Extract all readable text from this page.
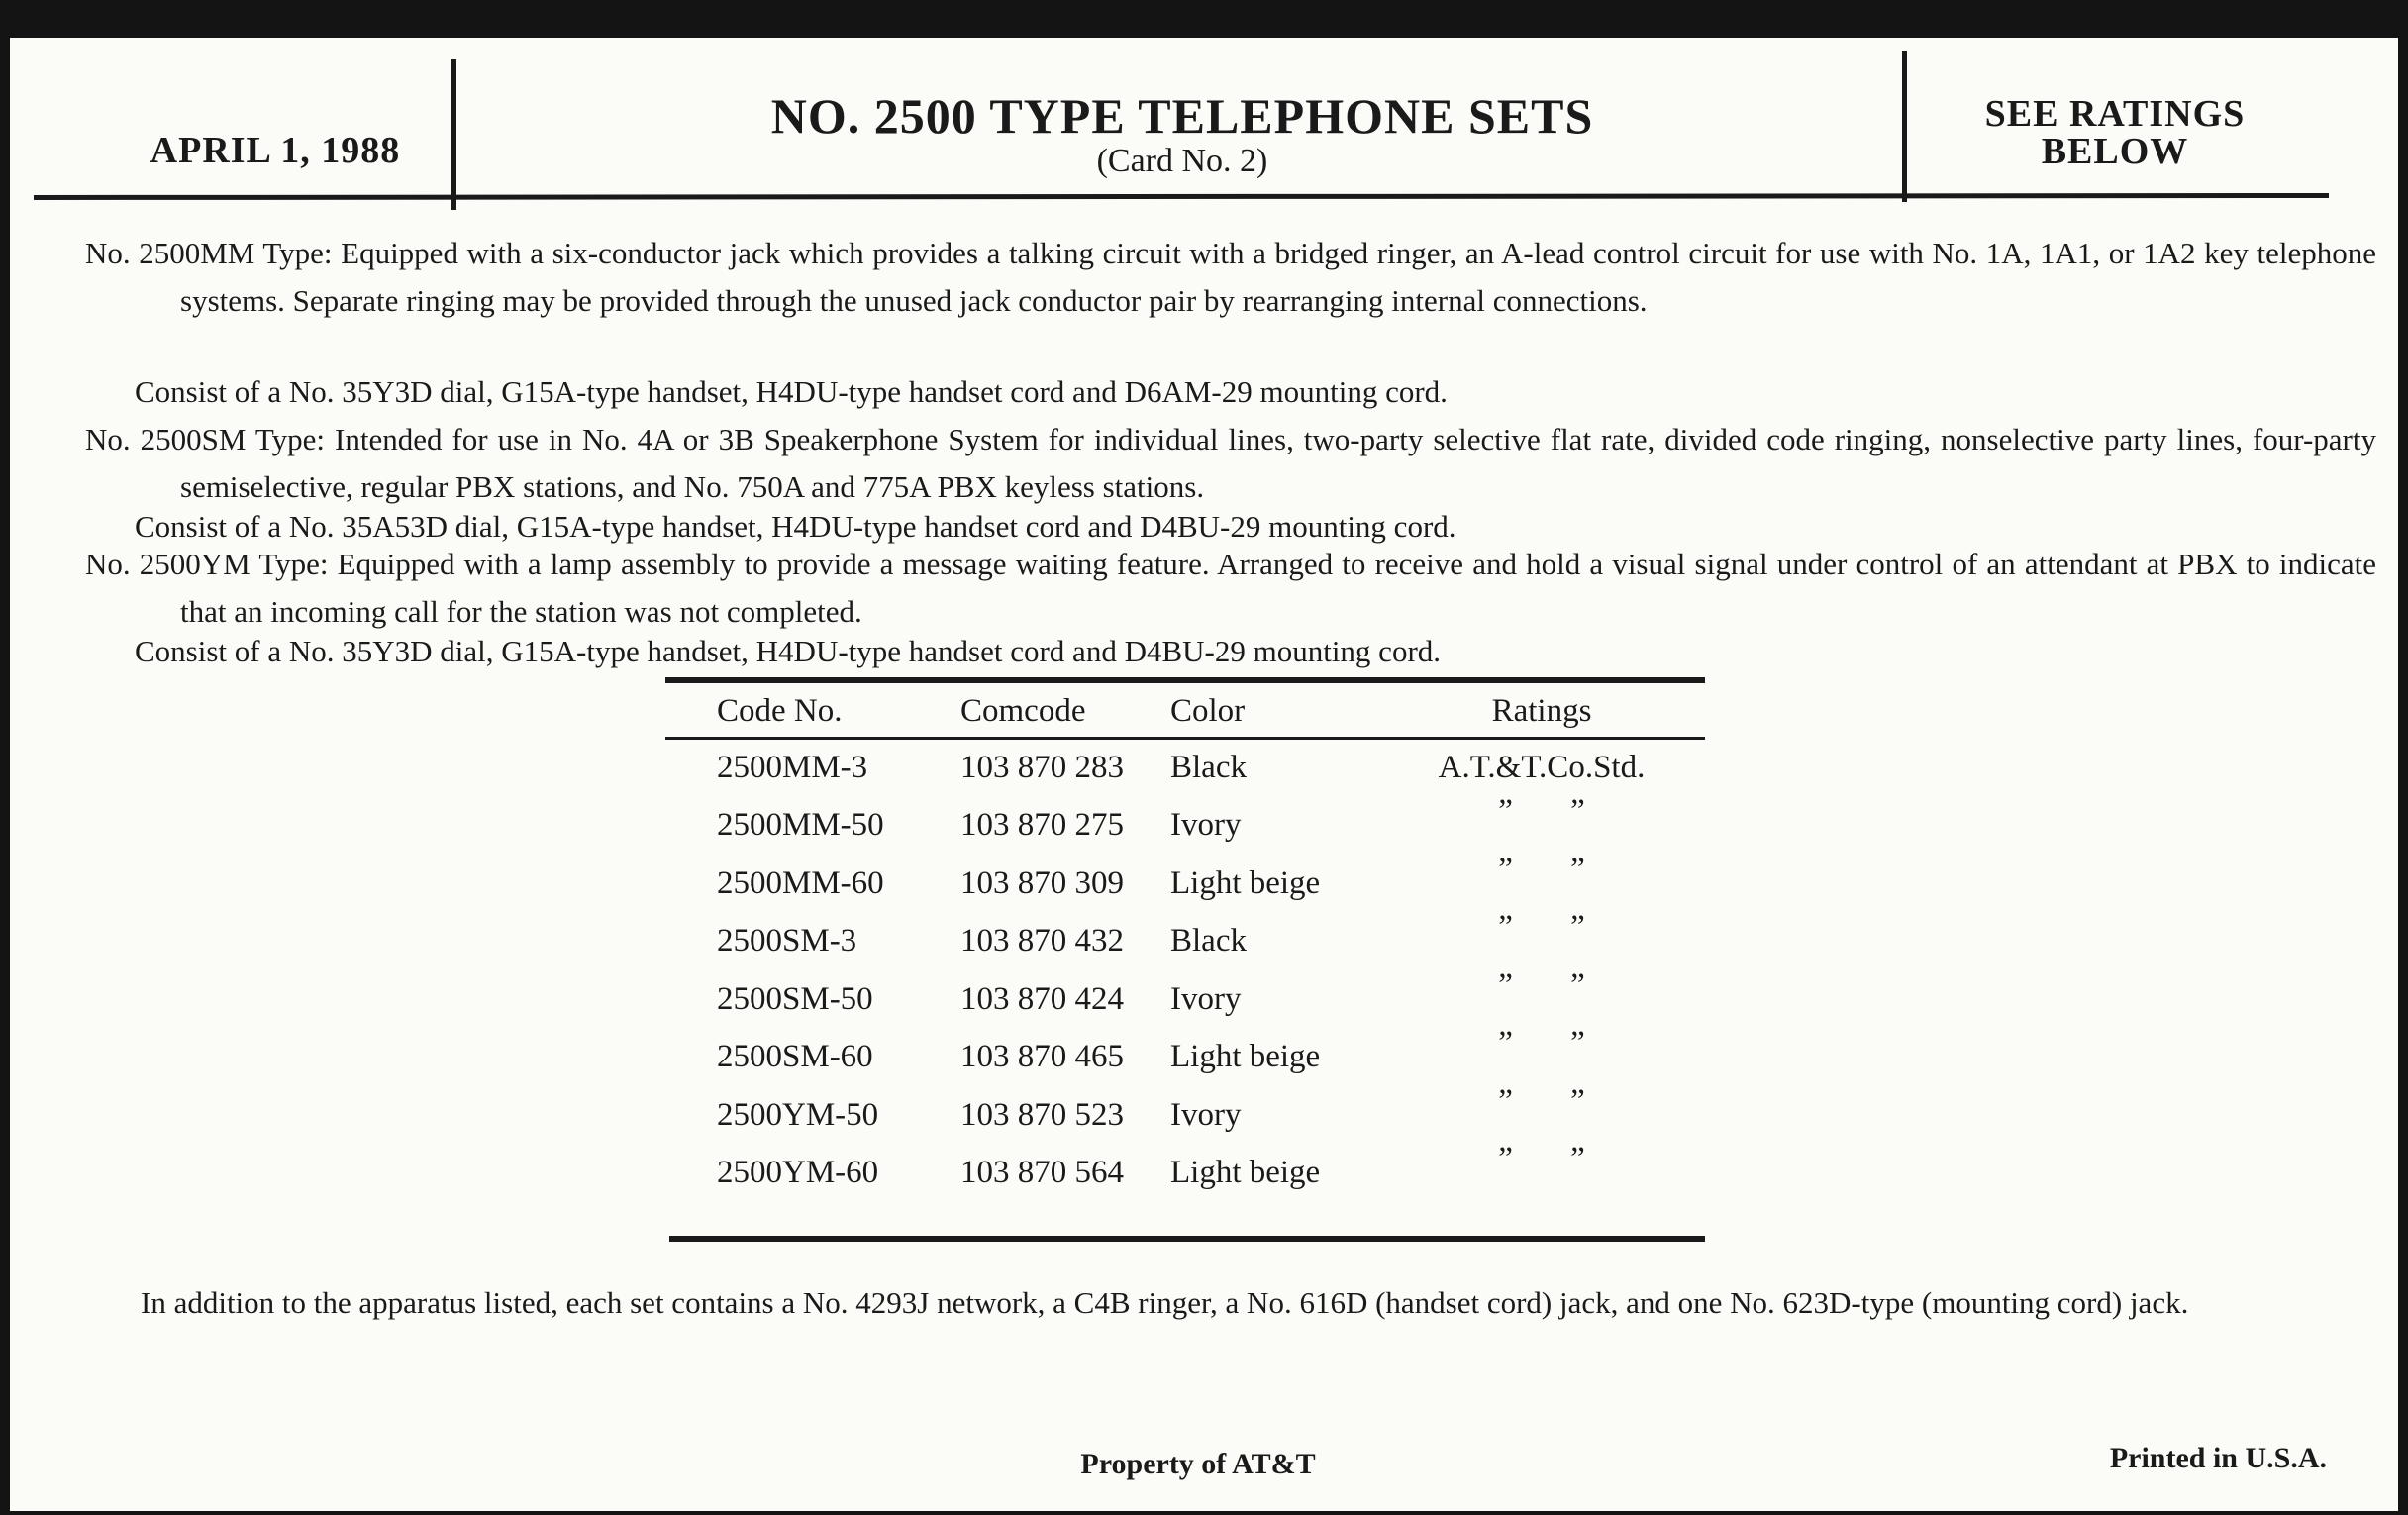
APRIL 1, 1988
NO. 2500 TYPE TELEPHONE SETS
(Card No. 2)
SEE RATINGS
BELOW
No. 2500MM Type: Equipped with a six-conductor jack which provides a talking circuit with a bridged ringer, an A-lead control circuit for use with No. 1A, 1A1, or 1A2 key telephone systems. Separate ringing may be provided through the unused jack conductor pair by rearranging internal connections.
Consist of a No. 35Y3D dial, G15A-type handset, H4DU-type handset cord and D6AM-29 mounting cord.
No. 2500SM Type: Intended for use in No. 4A or 3B Speakerphone System for individual lines, two-party selective flat rate, divided code ringing, nonselective party lines, four-party semiselective, regular PBX stations, and No. 750A and 775A PBX keyless stations.
Consist of a No. 35A53D dial, G15A-type handset, H4DU-type handset cord and D4BU-29 mounting cord.
No. 2500YM Type: Equipped with a lamp assembly to provide a message waiting feature. Arranged to receive and hold a visual signal under control of an attendant at PBX to indicate that an incoming call for the station was not completed.
Consist of a No. 35Y3D dial, G15A-type handset, H4DU-type handset cord and D4BU-29 mounting cord.
Code No.	Comcode	Color	Ratings
2500MM-3	103 870 283	Black	A.T.&T.Co.Std.
2500MM-50	103 870 275	Ivory	” ”
2500MM-60	103 870 309	Light beige	” ”
2500SM-3	103 870 432	Black	” ”
2500SM-50	103 870 424	Ivory	” ”
2500SM-60	103 870 465	Light beige	” ”
2500YM-50	103 870 523	Ivory	” ”
2500YM-60	103 870 564	Light beige	” ”
In addition to the apparatus listed, each set contains a No. 4293J network, a C4B ringer, a No. 616D (handset cord) jack, and one No. 623D-type (mounting cord) jack.
Property of AT&T	Printed in U.S.A.
